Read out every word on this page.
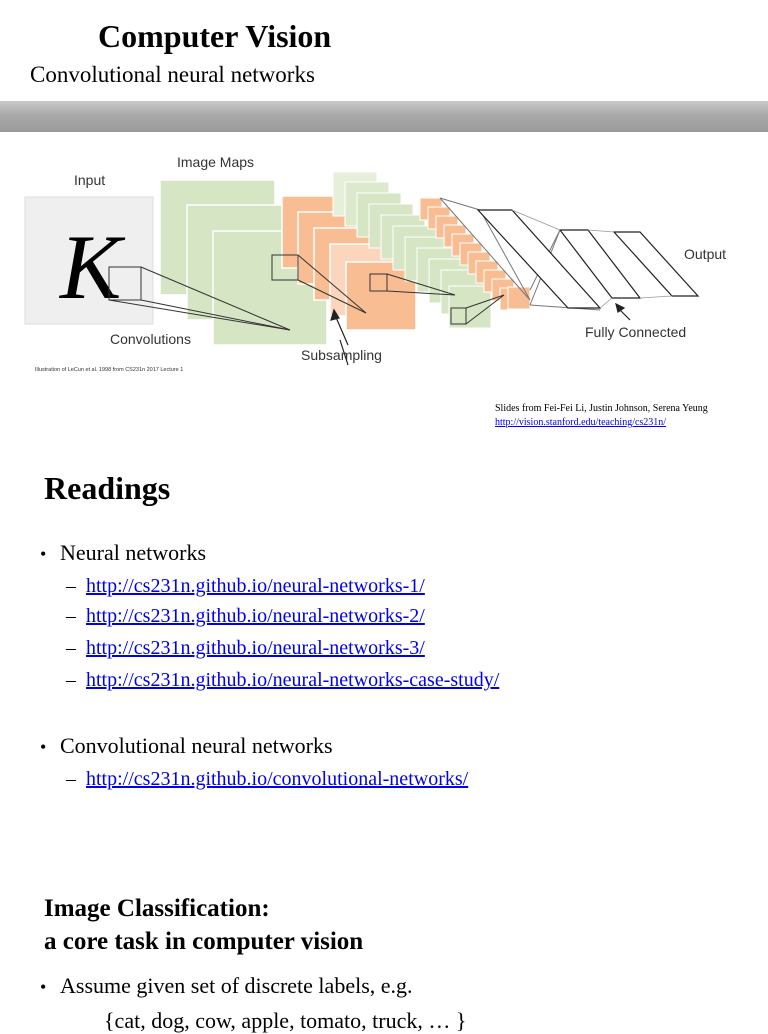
Computer Vision
Convolutional neural networks
K
Input
Image Maps
Convolutions
Subsampling
Fully Connected
Output
Illustration of LeCun et al. 1998 from CS231n 2017 Lecture 1
Slides from Fei-Fei Li, Justin Johnson, Serena Yeung
http://vision.stanford.edu/teaching/cs231n/
Readings
• Neural networks
– http://cs231n.github.io/neural-networks-1/
– http://cs231n.github.io/neural-networks-2/
– http://cs231n.github.io/neural-networks-3/
– http://cs231n.github.io/neural-networks-case-study/
• Convolutional neural networks
– http://cs231n.github.io/convolutional-networks/
Image Classification:
a core task in computer vision
• Assume given set of discrete labels, e.g.
{cat, dog, cow, apple, tomato, truck, … }
